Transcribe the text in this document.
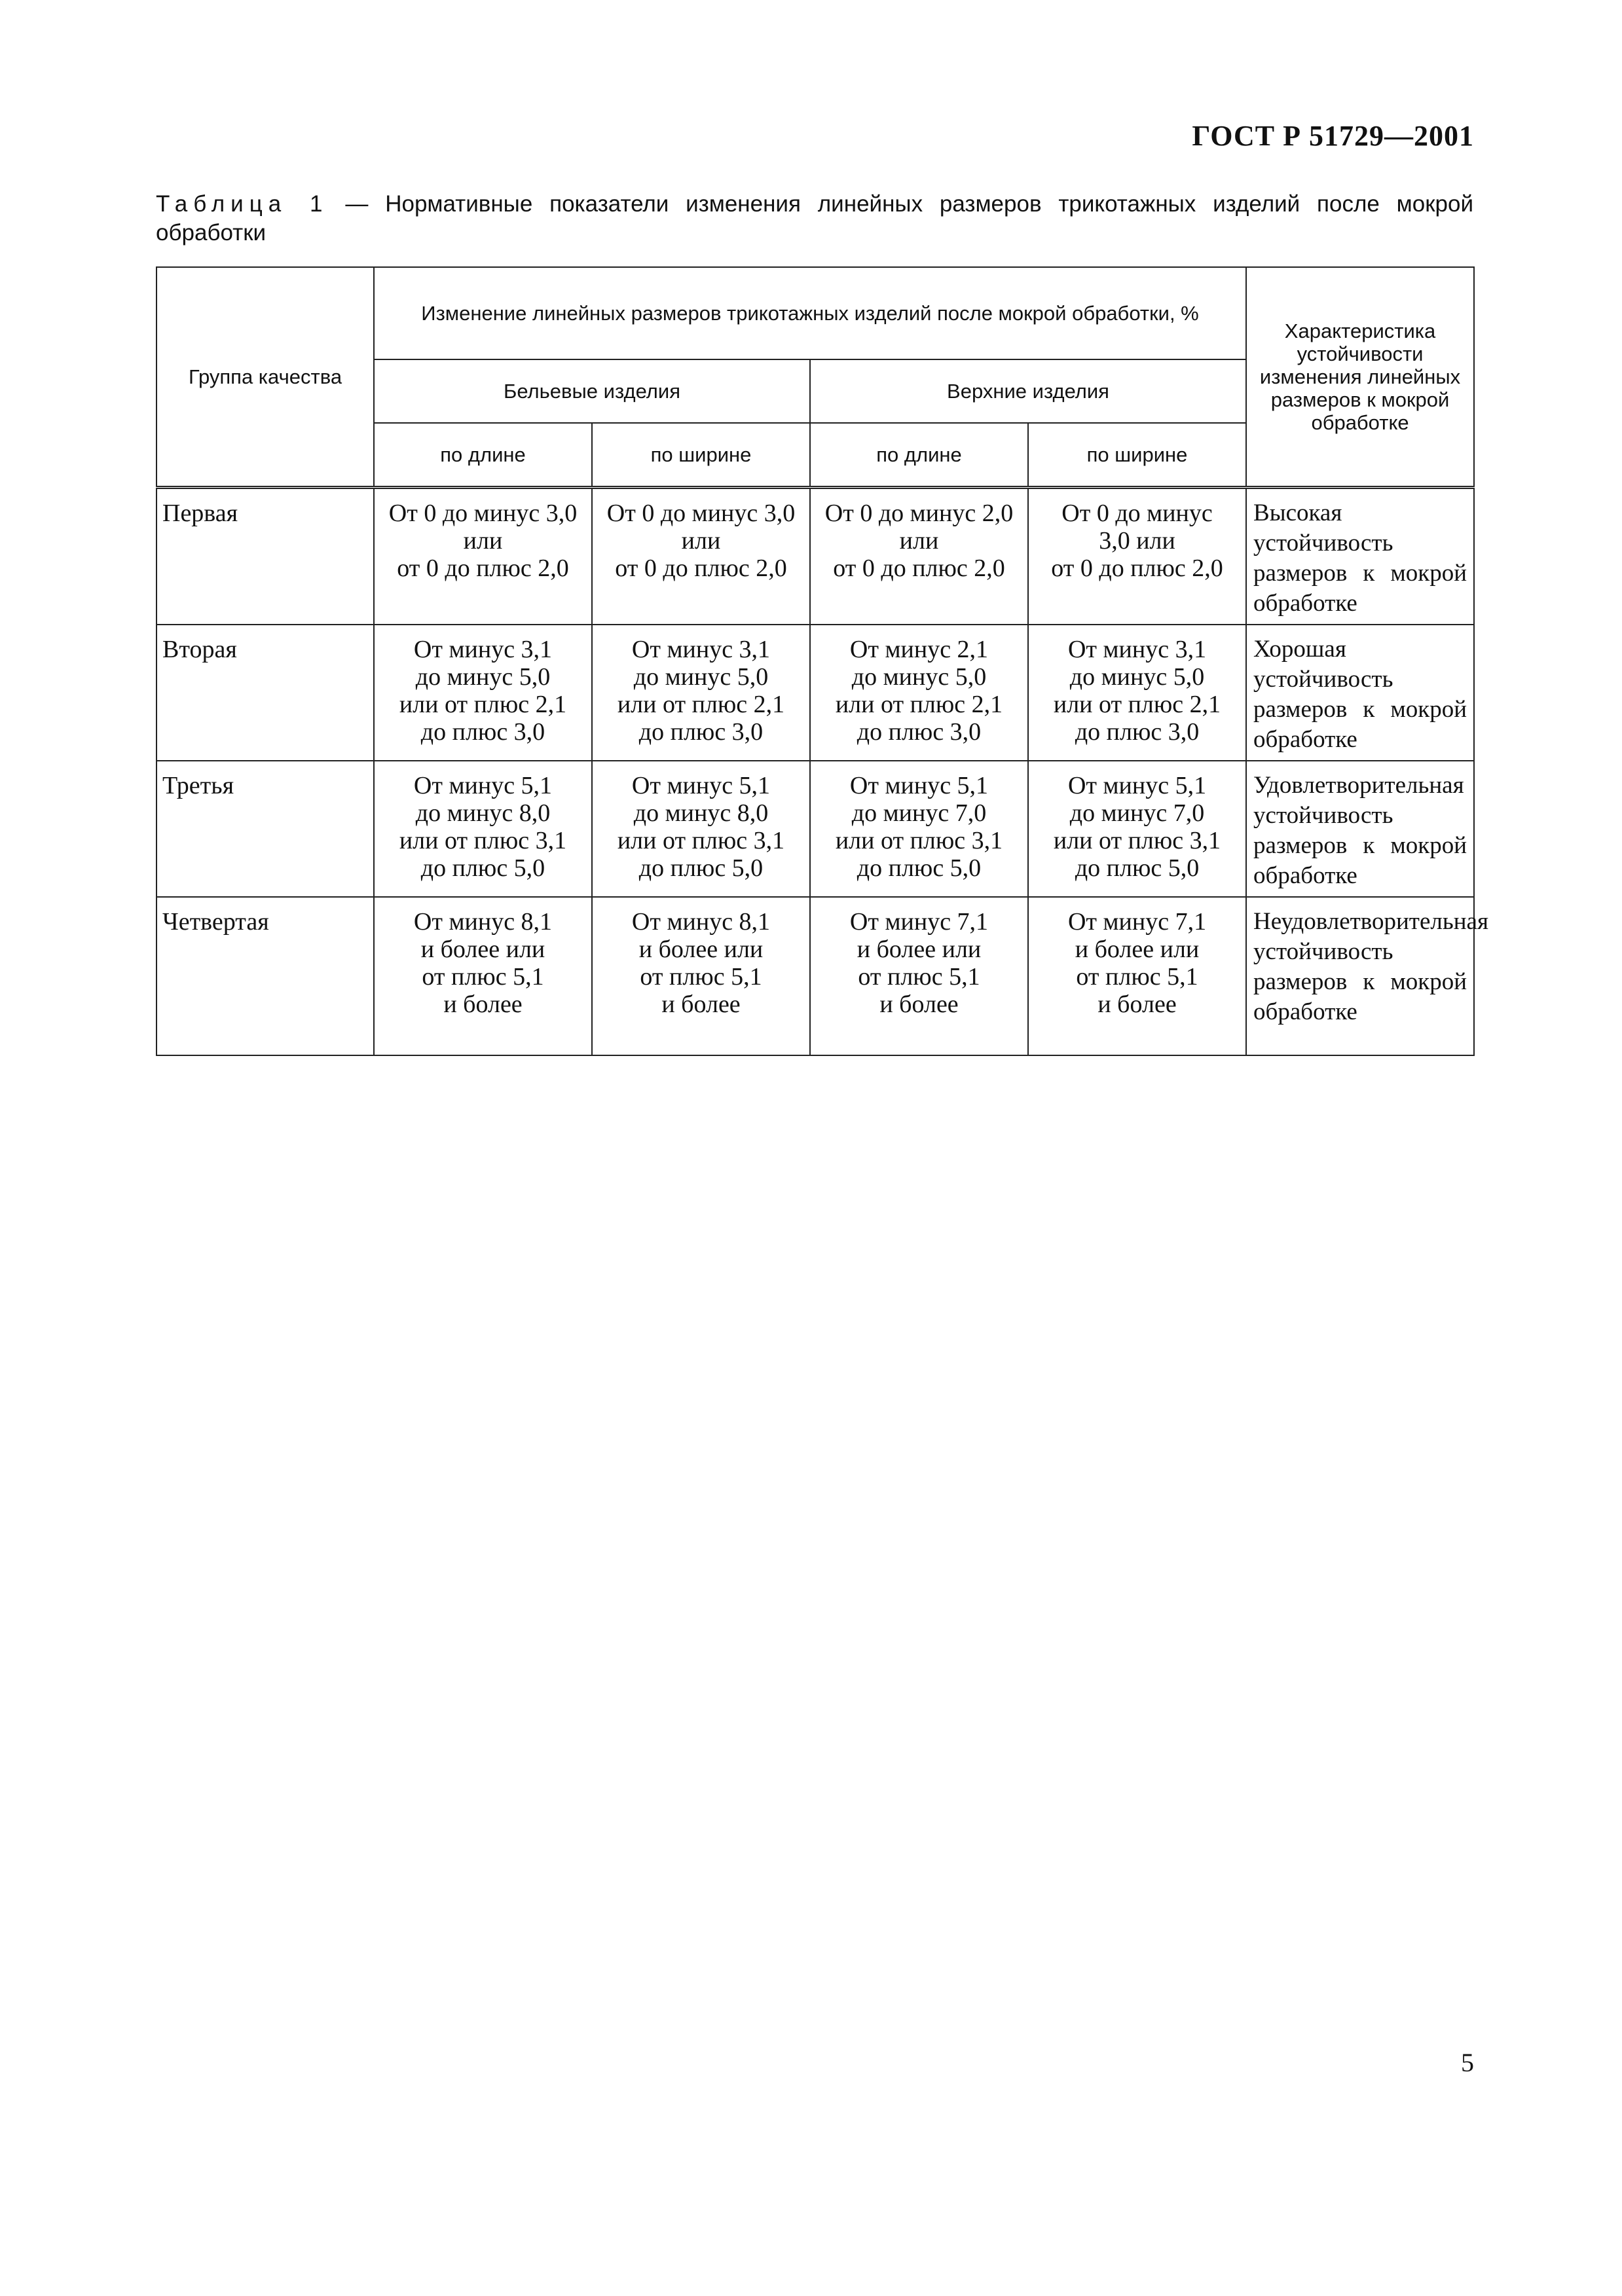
ГОСТ Р 51729—2001
Таблица 1 — Нормативные показатели изменения линейных размеров трикотажных изделий после мокрой обработки
Группа качества	Изменение линейных размеров трикотажных изделий после мокрой обработки, %				Характеристика устойчивости изменения линейных размеров к мокрой обработке
	Бельевые изделия		Верхние изделия		
	по длине	по ширине	по длине	по ширине	
Первая	От 0 до минус 3,0
или
от 0 до плюс 2,0	От 0 до минус 3,0
или
от 0 до плюс 2,0	От 0 до минус 2,0
или
от 0 до плюс 2,0	От 0 до минус
3,0 или
от 0 до плюс 2,0	Высокая устойчивость размеров к мокрой обработке
Вторая	От минус 3,1
до минус 5,0
или от плюс 2,1
до плюс 3,0	От минус 3,1
до минус 5,0
или от плюс 2,1
до плюс 3,0	От минус 2,1
до минус 5,0
или от плюс 2,1
до плюс 3,0	От минус 3,1
до минус 5,0
или от плюс 2,1
до плюс 3,0	Хорошая устойчивость размеров к мокрой обработке
Третья	От минус 5,1
до минус 8,0
или от плюс 3,1
до плюс 5,0	От минус 5,1
до минус 8,0
или от плюс 3,1
до плюс 5,0	От минус 5,1
до минус 7,0
или от плюс 3,1
до плюс 5,0	От минус 5,1
до минус 7,0
или от плюс 3,1
до плюс 5,0	Удовлетворительная устойчивость размеров к мокрой обработке
Четвертая	От минус 8,1
и более или
от плюс 5,1
и более	От минус 8,1
и более или
от плюс 5,1
и более	От минус 7,1
и более или
от плюс 5,1
и более	От минус 7,1
и более или
от плюс 5,1
и более	Неудовлетворительная устойчивость размеров к мокрой обработке
5
